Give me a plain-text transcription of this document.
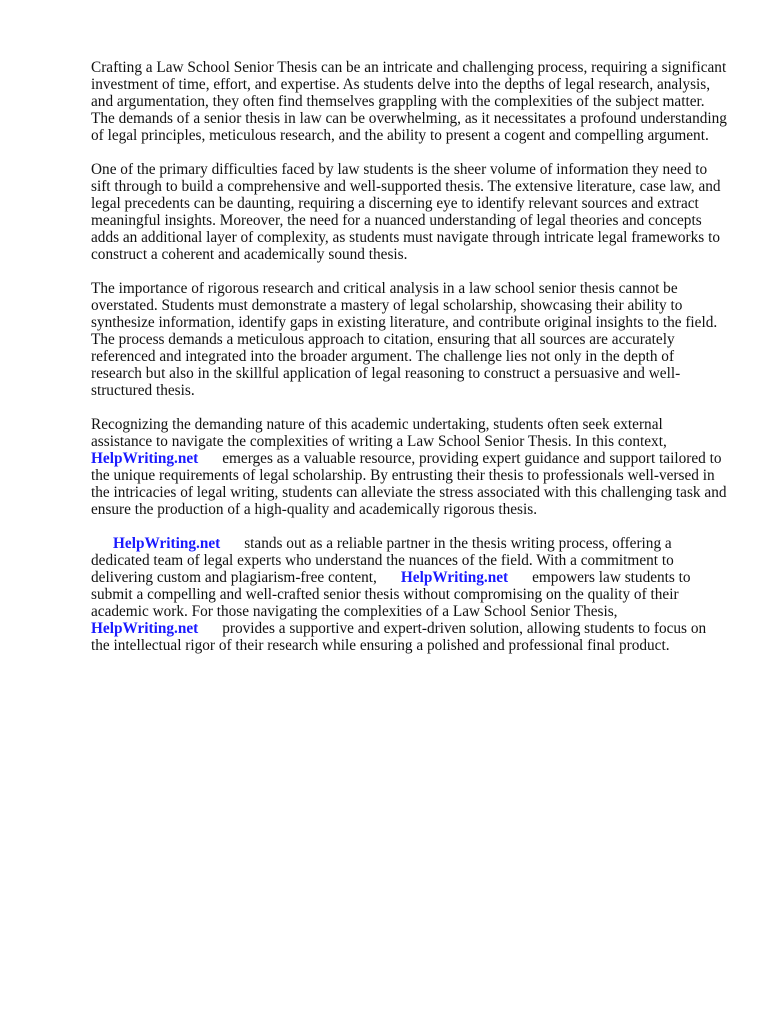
Crafting a Law School Senior Thesis can be an intricate and challenging process, requiring a significant investment of time, effort, and expertise. As students delve into the depths of legal research, analysis, and argumentation, they often find themselves grappling with the complexities of the subject matter. The demands of a senior thesis in law can be overwhelming, as it necessitates a profound understanding of legal principles, meticulous research, and the ability to present a cogent and compelling argument.

One of the primary difficulties faced by law students is the sheer volume of information they need to sift through to build a comprehensive and well-supported thesis. The extensive literature, case law, and legal precedents can be daunting, requiring a discerning eye to identify relevant sources and extract meaningful insights. Moreover, the need for a nuanced understanding of legal theories and concepts adds an additional layer of complexity, as students must navigate through intricate legal frameworks to construct a coherent and academically sound thesis.

The importance of rigorous research and critical analysis in a law school senior thesis cannot be overstated. Students must demonstrate a mastery of legal scholarship, showcasing their ability to synthesize information, identify gaps in existing literature, and contribute original insights to the field. The process demands a meticulous approach to citation, ensuring that all sources are accurately referenced and integrated into the broader argument. The challenge lies not only in the depth of research but also in the skillful application of legal reasoning to construct a persuasive and well-structured thesis.

Recognizing the demanding nature of this academic undertaking, students often seek external assistance to navigate the complexities of writing a Law School Senior Thesis. In this context, HelpWriting.net emerges as a valuable resource, providing expert guidance and support tailored to the unique requirements of legal scholarship. By entrusting their thesis to professionals well-versed in the intricacies of legal writing, students can alleviate the stress associated with this challenging task and ensure the production of a high-quality and academically rigorous thesis.

HelpWriting.net stands out as a reliable partner in the thesis writing process, offering a dedicated team of legal experts who understand the nuances of the field. With a commitment to delivering custom and plagiarism-free content, HelpWriting.net empowers law students to submit a compelling and well-crafted senior thesis without compromising on the quality of their academic work. For those navigating the complexities of a Law School Senior Thesis, HelpWriting.net provides a supportive and expert-driven solution, allowing students to focus on the intellectual rigor of their research while ensuring a polished and professional final product.
